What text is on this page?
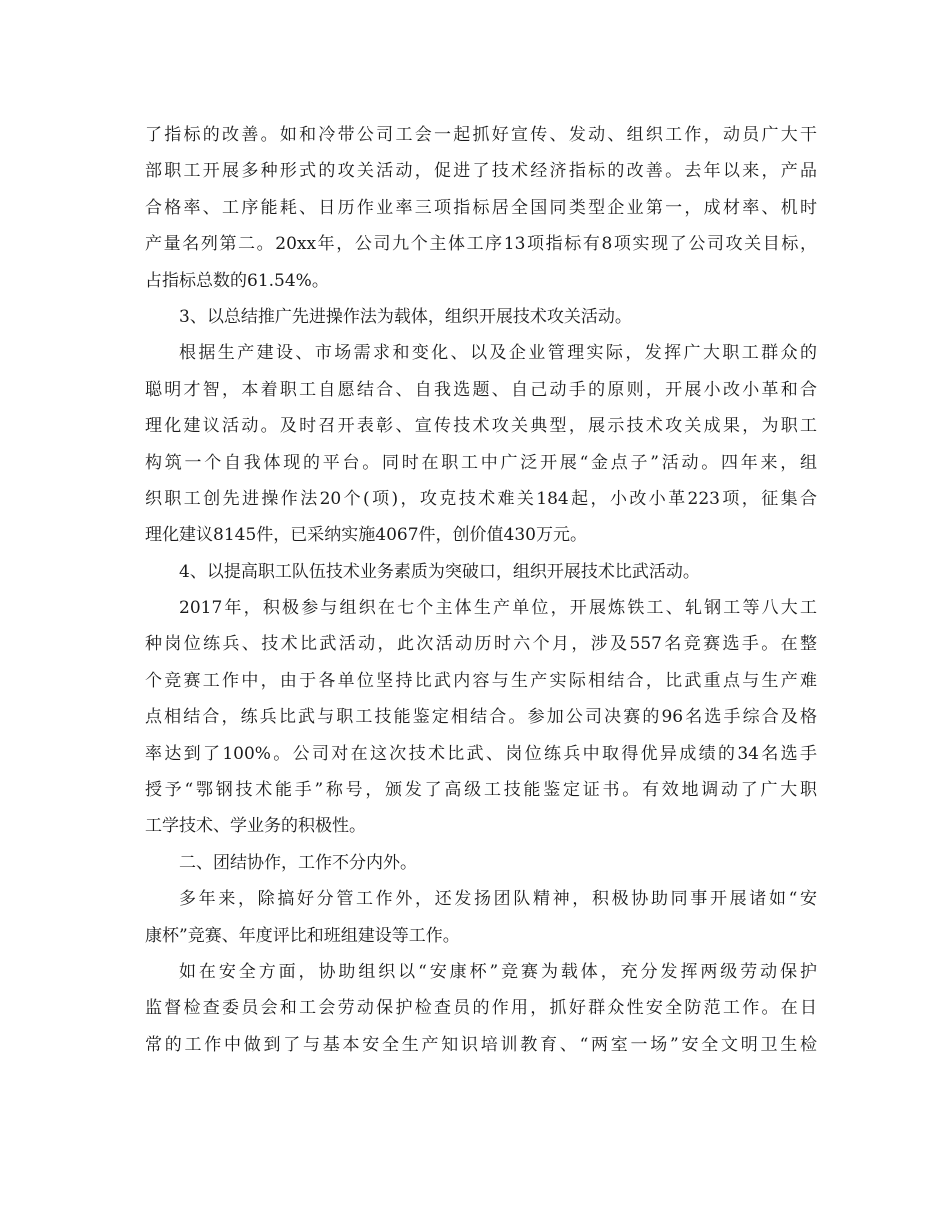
了指标的改善。如和冷带公司工会一起抓好宣传、发动、组织工作，动员广大干
部职工开展多种形式的攻关活动，促进了技术经济指标的改善。去年以来，产品
合格率、工序能耗、日历作业率三项指标居全国同类型企业第一，成材率、机时
产量名列第二。20xx年，公司九个主体工序13项指标有8项实现了公司攻关目标，
占指标总数的61.54%。
3、以总结推广先进操作法为载体，组织开展技术攻关活动。
根据生产建设、市场需求和变化、以及企业管理实际，发挥广大职工群众的
聪明才智，本着职工自愿结合、自我选题、自己动手的原则，开展小改小革和合
理化建议活动。及时召开表彰、宣传技术攻关典型，展示技术攻关成果，为职工
构筑一个自我体现的平台。同时在职工中广泛开展“金点子”活动。四年来，组
织职工创先进操作法20个(项)，攻克技术难关184起，小改小革223项，征集合
理化建议8145件，已采纳实施4067件，创价值430万元。
4、以提高职工队伍技术业务素质为突破口，组织开展技术比武活动。
2017年，积极参与组织在七个主体生产单位，开展炼铁工、轧钢工等八大工
种岗位练兵、技术比武活动，此次活动历时六个月，涉及557名竞赛选手。在整
个竞赛工作中，由于各单位坚持比武内容与生产实际相结合，比武重点与生产难
点相结合，练兵比武与职工技能鉴定相结合。参加公司决赛的96名选手综合及格
率达到了100%。公司对在这次技术比武、岗位练兵中取得优异成绩的34名选手
授予“鄂钢技术能手”称号，颁发了高级工技能鉴定证书。有效地调动了广大职
工学技术、学业务的积极性。
二、团结协作，工作不分内外。
多年来，除搞好分管工作外，还发扬团队精神，积极协助同事开展诸如“安
康杯”竞赛、年度评比和班组建设等工作。
如在安全方面，协助组织以“安康杯”竞赛为载体，充分发挥两级劳动保护
监督检查委员会和工会劳动保护检查员的作用，抓好群众性安全防范工作。在日
常的工作中做到了与基本安全生产知识培训教育、“两室一场”安全文明卫生检
